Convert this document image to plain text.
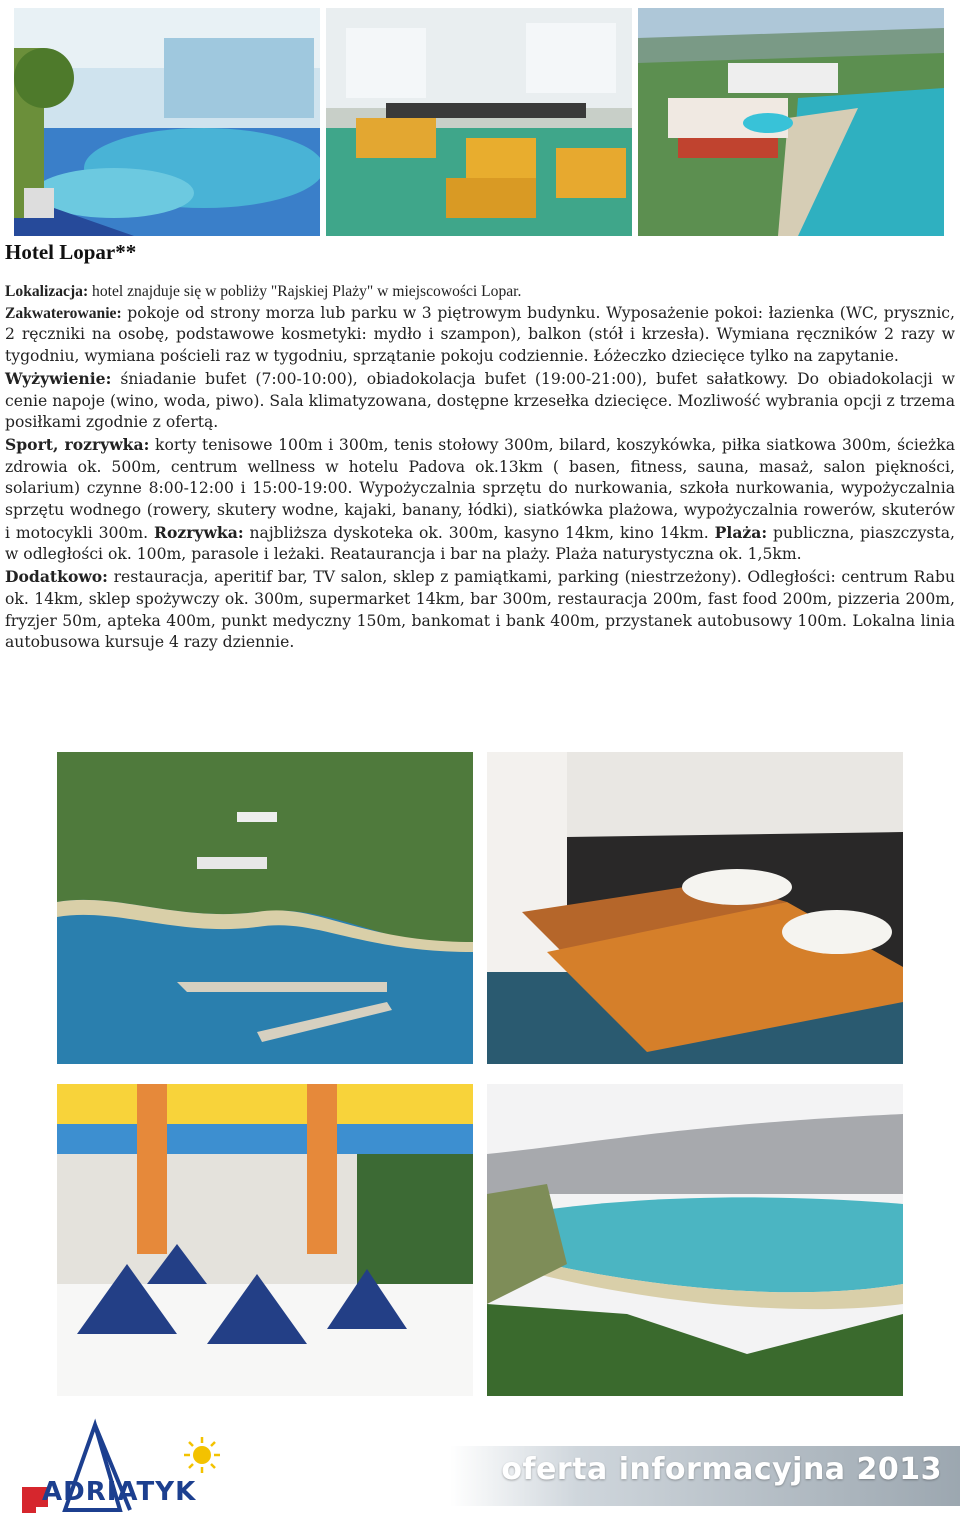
Hotel Lopar**

Lokalizacja: hotel znajduje się w pobliży "Rajskiej Plaży" w miejscowości Lopar.

Zakwaterowanie: pokoje od strony morza lub parku w 3 piętrowym budynku. Wyposażenie pokoi: łazienka (WC, prysznic, 2 ręczniki na osobę, podstawowe kosmetyki: mydło i szampon), balkon (stół i krzesła). Wymiana ręczników 2 razy w tygodniu, wymiana pościeli raz w tygodniu, sprzątanie pokoju codziennie. Łóżeczko dziecięce tylko na zapytanie.

Wyżywienie: śniadanie bufet (7:00-10:00), obiadokolacja bufet (19:00-21:00), bufet sałatkowy. Do obiadokolacji w cenie napoje (wino, woda, piwo). Sala klimatyzowana, dostępne krzesełka dziecięce. Mozliwość wybrania opcji z trzema posiłkami zgodnie z ofertą.

Sport, rozrywka: korty tenisowe 100m i 300m, tenis stołowy 300m, bilard, koszykówka, piłka siatkowa 300m, ścieżka zdrowia ok. 500m, centrum wellness w hotelu Padova ok.13km ( basen, fitness, sauna, masaż, salon piękności, solarium) czynne 8:00-12:00 i 15:00-19:00. Wypożyczalnia sprzętu do nurkowania, szkoła nurkowania, wypożyczalnia sprzętu wodnego (rowery, skutery wodne, kajaki, banany, łódki), siatkówka plażowa, wypożyczalnia rowerów, skuterów i motocykli 300m. Rozrywka: najbliższa dyskoteka ok. 300m, kasyno 14km, kino 14km. Plaża: publiczna, piaszczysta, w odległości ok. 100m, parasole i leżaki. Reataurancja i bar na plaży. Plaża naturystyczna ok. 1,5km.

Dodatkowo: restauracja, aperitif bar, TV salon, sklep z pamiątkami, parking (niestrzeżony). Odległości: centrum Rabu ok. 14km, sklep spożywczy ok. 300m, supermarket 14km, bar 300m, restauracja 200m, fast food 200m, pizzeria 200m, fryzjer 50m, apteka 400m, punkt medyczny 150m, bankomat i bank 400m, przystanek autobusowy 100m. Lokalna linia autobusowa kursuje 4 razy dziennie.

ADRIATYK
oferta informacyjna 2013
